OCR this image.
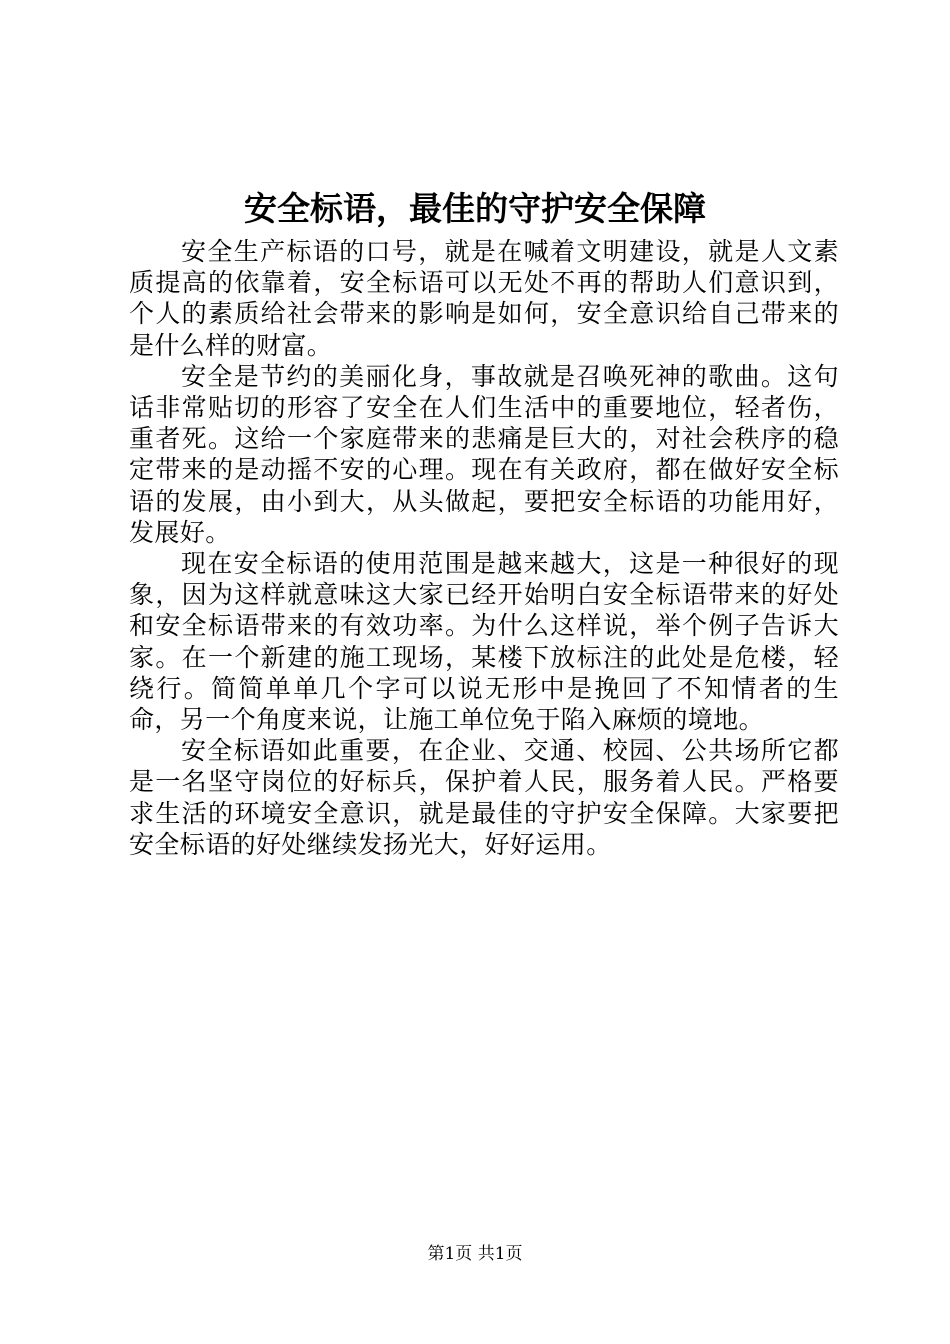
安全标语，最佳的守护安全保障

安全生产标语的口号，就是在喊着文明建设，就是人文素质提高的依靠着，安全标语可以无处不再的帮助人们意识到，个人的素质给社会带来的影响是如何，安全意识给自己带来的是什么样的财富。

安全是节约的美丽化身，事故就是召唤死神的歌曲。这句话非常贴切的形容了安全在人们生活中的重要地位，轻者伤，重者死。这给一个家庭带来的悲痛是巨大的，对社会秩序的稳定带来的是动摇不安的心理。现在有关政府，都在做好安全标语的发展，由小到大，从头做起，要把安全标语的功能用好，发展好。

现在安全标语的使用范围是越来越大，这是一种很好的现象，因为这样就意味这大家已经开始明白安全标语带来的好处和安全标语带来的有效功率。为什么这样说，举个例子告诉大家。在一个新建的施工现场，某楼下放标注的此处是危楼，轻绕行。简简单单几个字可以说无形中是挽回了不知情者的生命，另一个角度来说，让施工单位免于陷入麻烦的境地。

安全标语如此重要，在企业、交通、校园、公共场所它都是一名坚守岗位的好标兵，保护着人民，服务着人民。严格要求生活的环境安全意识，就是最佳的守护安全保障。大家要把安全标语的好处继续发扬光大，好好运用。

第1页 共1页
